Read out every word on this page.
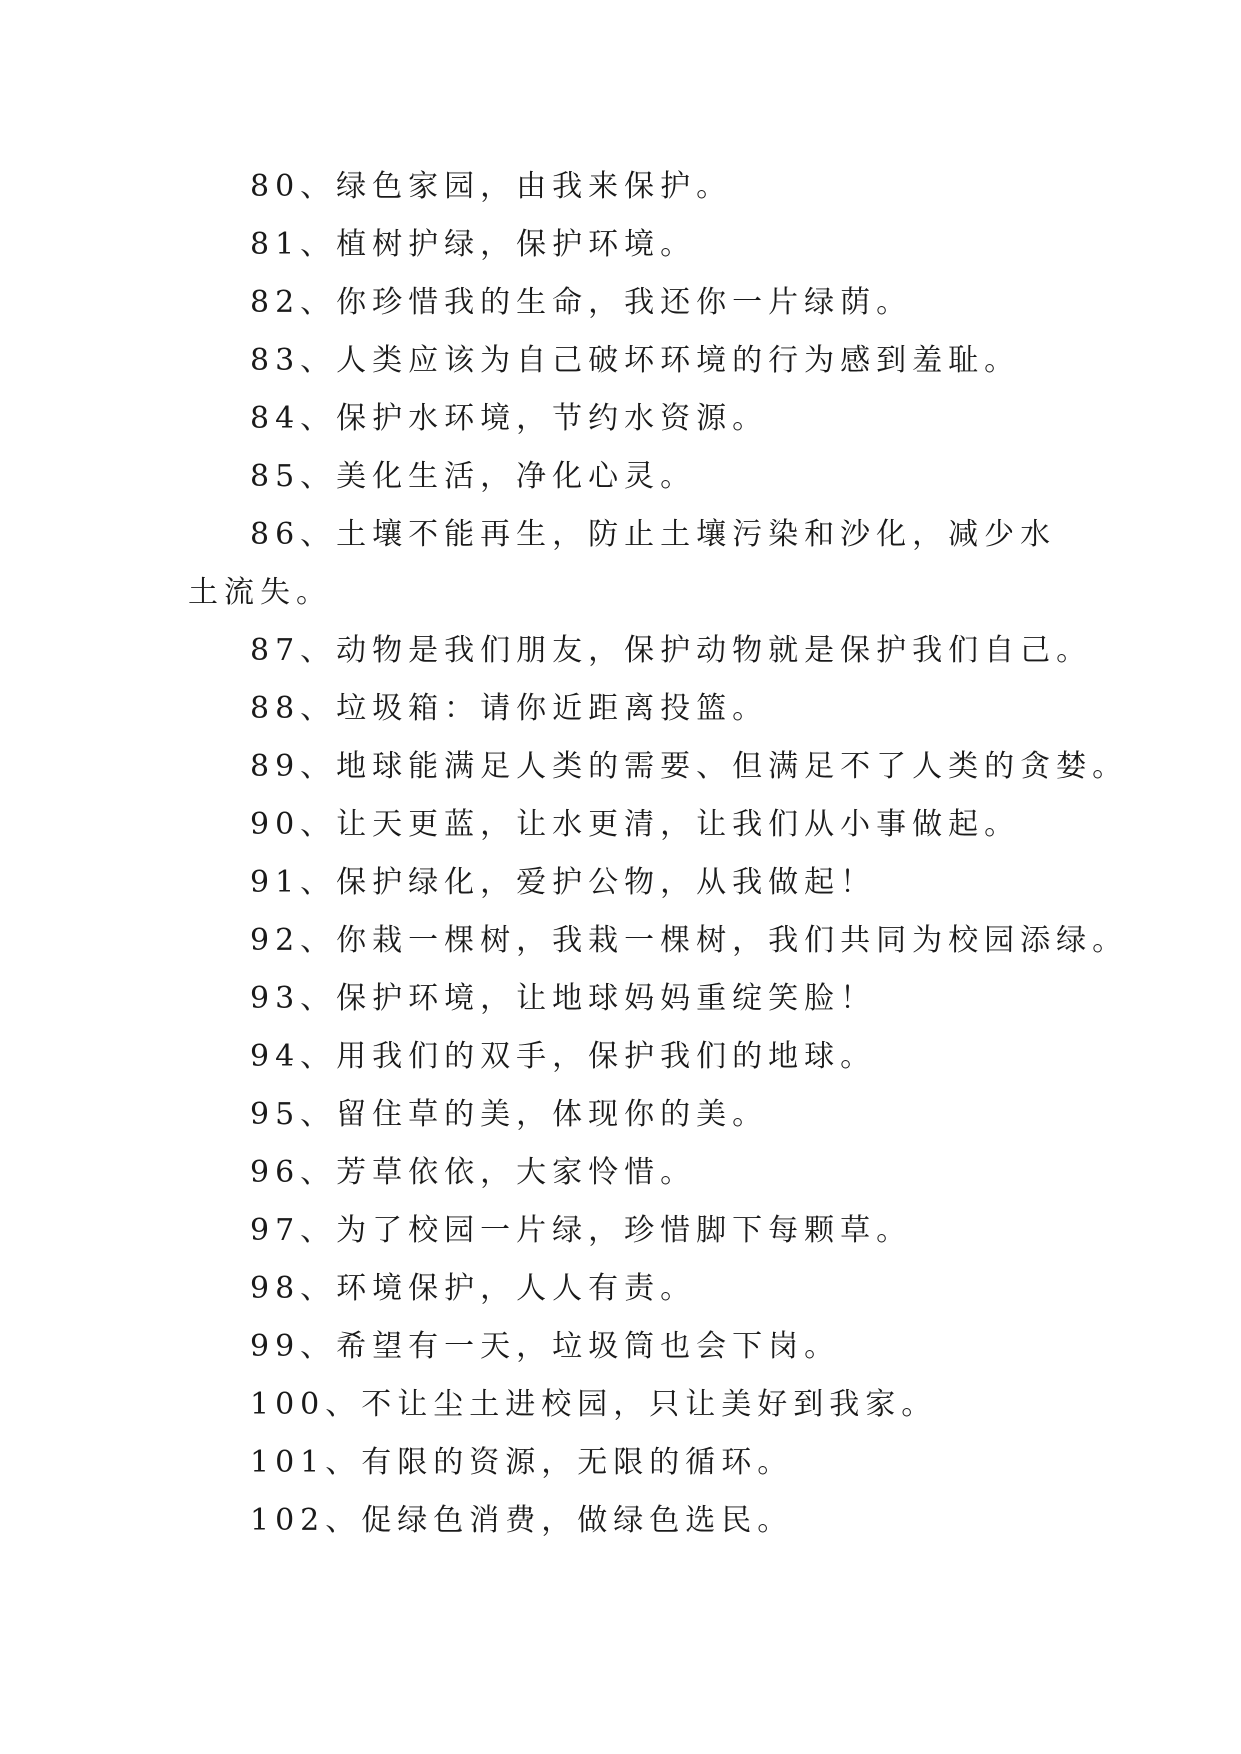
80、绿色家园，由我来保护。
81、植树护绿，保护环境。
82、你珍惜我的生命，我还你一片绿荫。
83、人类应该为自己破坏环境的行为感到羞耻。
84、保护水环境，节约水资源。
85、美化生活，净化心灵。
86、土壤不能再生，防止土壤污染和沙化，减少水土流失。
87、动物是我们朋友，保护动物就是保护我们自己。
88、垃圾箱：请你近距离投篮。
89、地球能满足人类的需要、但满足不了人类的贪婪。
90、让天更蓝，让水更清，让我们从小事做起。
91、保护绿化，爱护公物，从我做起！
92、你栽一棵树，我栽一棵树，我们共同为校园添绿。
93、保护环境，让地球妈妈重绽笑脸！
94、用我们的双手，保护我们的地球。
95、留住草的美，体现你的美。
96、芳草依依，大家怜惜。
97、为了校园一片绿，珍惜脚下每颗草。
98、环境保护，人人有责。
99、希望有一天，垃圾筒也会下岗。
100、不让尘土进校园，只让美好到我家。
101、有限的资源，无限的循环。
102、促绿色消费，做绿色选民。
